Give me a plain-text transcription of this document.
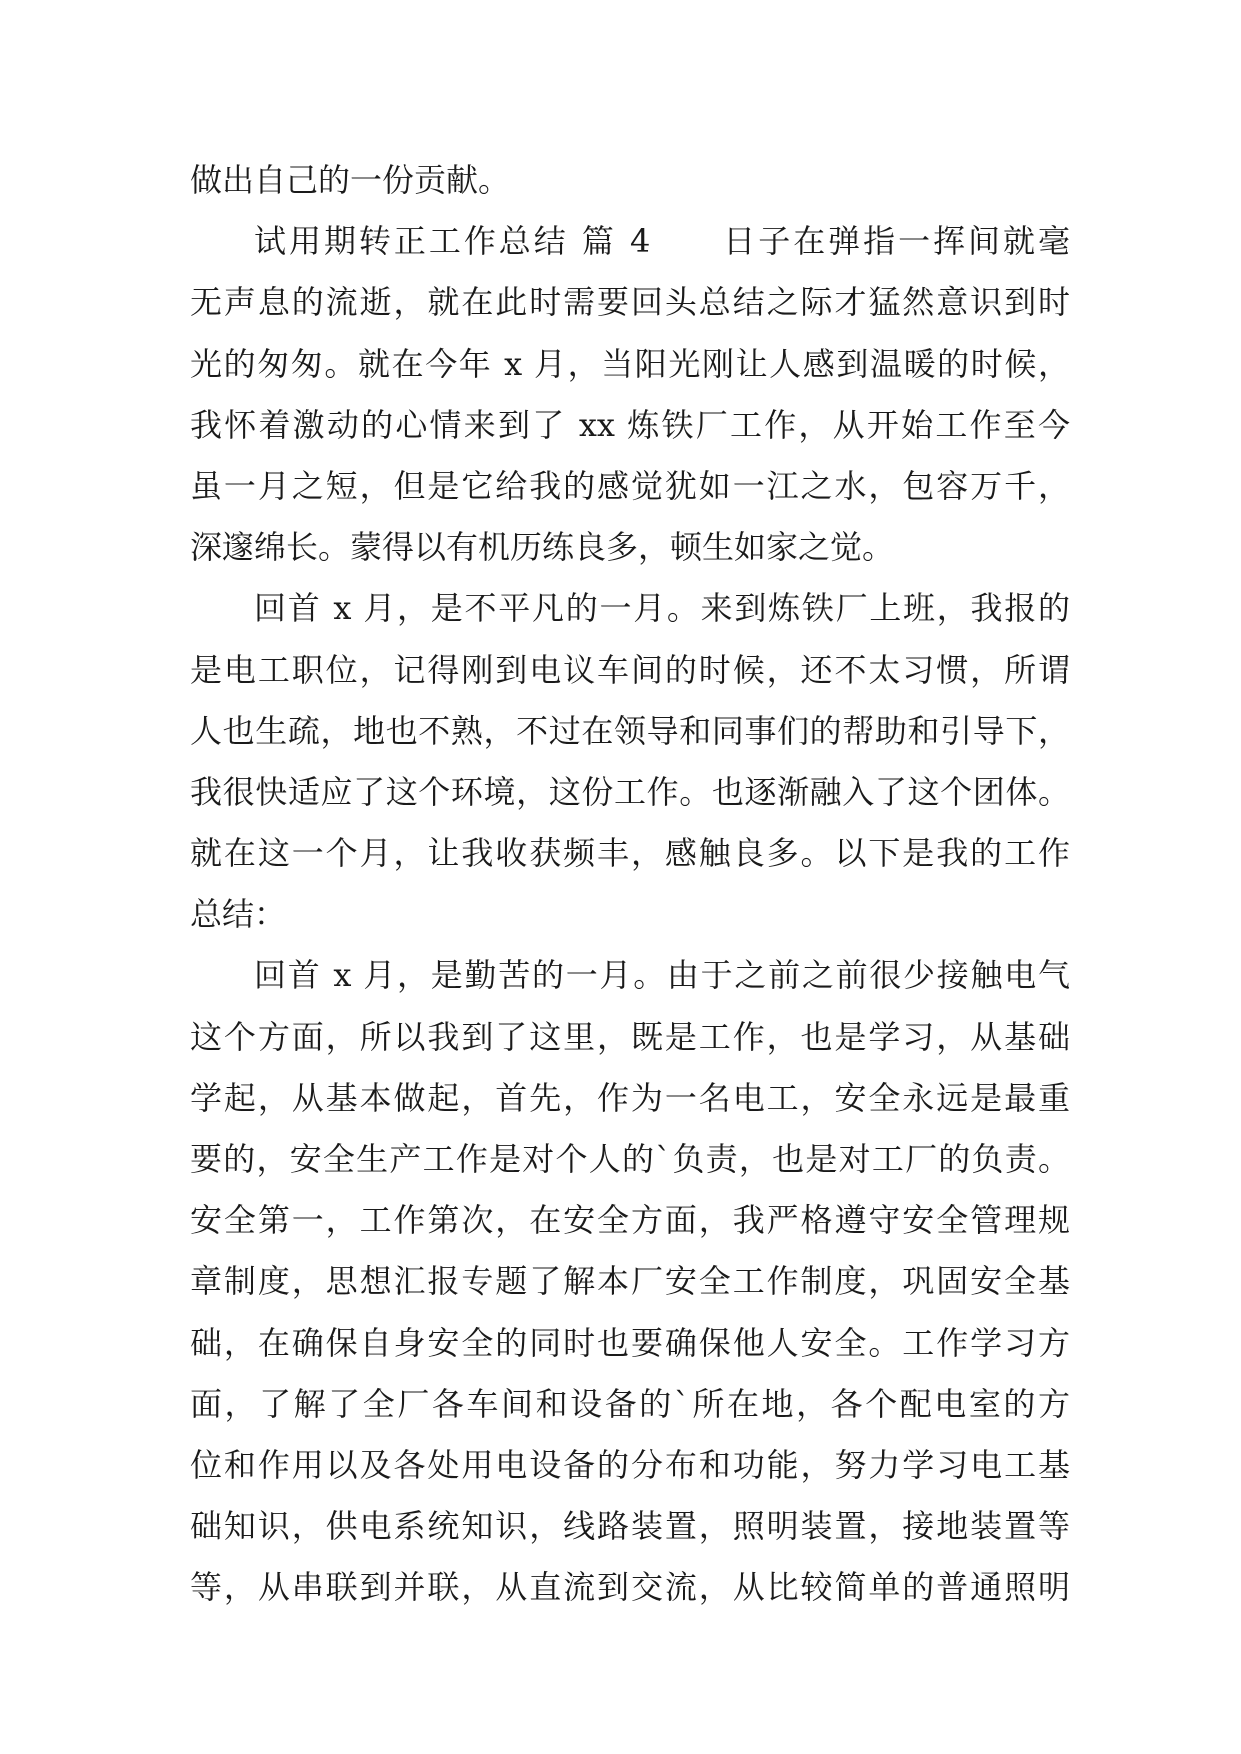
做出自己的一份贡献。
试用期转正工作总结 篇 4　　日子在弹指一挥间就毫
无声息的流逝，就在此时需要回头总结之际才猛然意识到时
光的匆匆。就在今年 x 月，当阳光刚让人感到温暖的时候，
我怀着激动的心情来到了 xx 炼铁厂工作，从开始工作至今
虽一月之短，但是它给我的感觉犹如一江之水，包容万千，
深邃绵长。蒙得以有机历练良多，顿生如家之觉。
回首 x 月，是不平凡的一月。来到炼铁厂上班，我报的
是电工职位，记得刚到电议车间的时候，还不太习惯，所谓
人也生疏，地也不熟，不过在领导和同事们的帮助和引导下，
我很快适应了这个环境，这份工作。也逐渐融入了这个团体。
就在这一个月，让我收获频丰，感触良多。以下是我的工作
总结：
回首 x 月，是勤苦的一月。由于之前之前很少接触电气
这个方面，所以我到了这里，既是工作，也是学习，从基础
学起，从基本做起，首先，作为一名电工，安全永远是最重
要的，安全生产工作是对个人的`负责，也是对工厂的负责。
安全第一，工作第次，在安全方面，我严格遵守安全管理规
章制度，思想汇报专题了解本厂安全工作制度，巩固安全基
础，在确保自身安全的同时也要确保他人安全。工作学习方
面，了解了全厂各车间和设备的`所在地，各个配电室的方
位和作用以及各处用电设备的分布和功能，努力学习电工基
础知识，供电系统知识，线路装置，照明装置，接地装置等
等，从串联到并联，从直流到交流，从比较简单的普通照明
